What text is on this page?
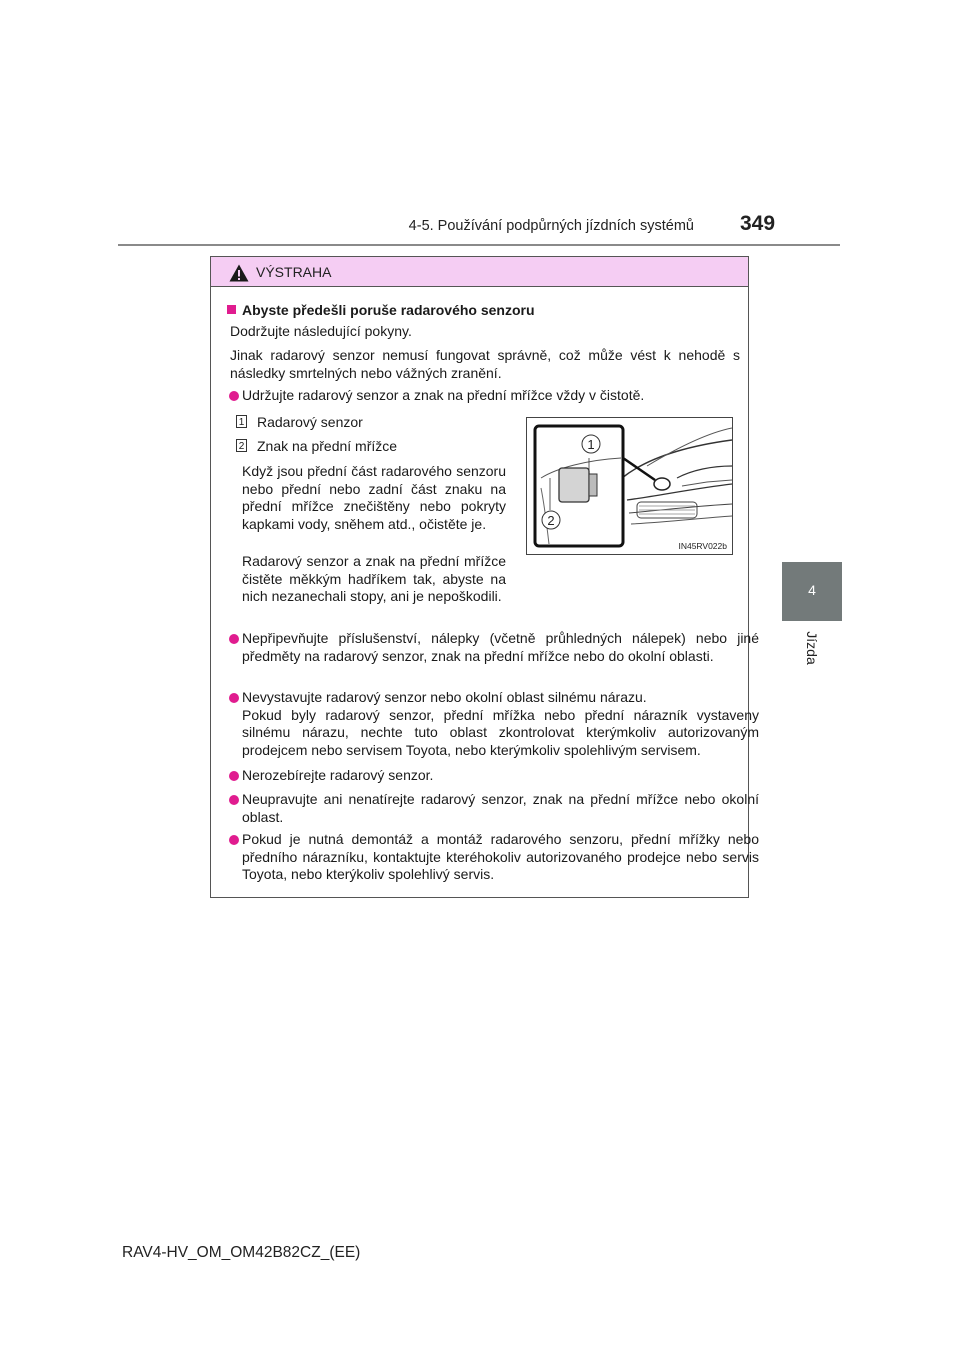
4-5. Používání podpůrných jízdních systémů 349
4
Jízda
VÝSTRAHA
Abyste předešli poruše radarového senzoru
Dodržujte následující pokyny.
Jinak radarový senzor nemusí fungovat správně, což může vést k nehodě s následky smrtelných nebo vážných zranění.
Udržujte radarový senzor a znak na přední mřížce vždy v čistotě.
1 Radarový senzor
2 Znak na přední mřížce
Když jsou přední část radarového senzoru nebo přední nebo zadní část znaku na přední mřížce znečištěny nebo pokryty kapkami vody, sněhem atd., očistěte je.
Radarový senzor a znak na přední mřížce čistěte měkkým hadříkem tak, abyste na nich nezanechali stopy, ani je nepoškodili.
1
2
IN45RV022b
Nepřipevňujte příslušenství, nálepky (včetně průhledných nálepek) nebo jiné předměty na radarový senzor, znak na přední mřížce nebo do okolní oblasti.
Nevystavujte radarový senzor nebo okolní oblast silnému nárazu.
Pokud byly radarový senzor, přední mřížka nebo přední nárazník vystaveny silnému nárazu, nechte tuto oblast zkontrolovat kterýmkoliv autorizovaným prodejcem nebo servisem Toyota, nebo kterýmkoliv spolehlivým servisem.
Nerozebírejte radarový senzor.
Neupravujte ani nenatírejte radarový senzor, znak na přední mřížce nebo okolní oblast.
Pokud je nutná demontáž a montáž radarového senzoru, přední mřížky nebo předního nárazníku, kontaktujte kteréhokoliv autorizovaného prodejce nebo servis Toyota, nebo kterýkoliv spolehlivý servis.
RAV4-HV_OM_OM42B82CZ_(EE)
